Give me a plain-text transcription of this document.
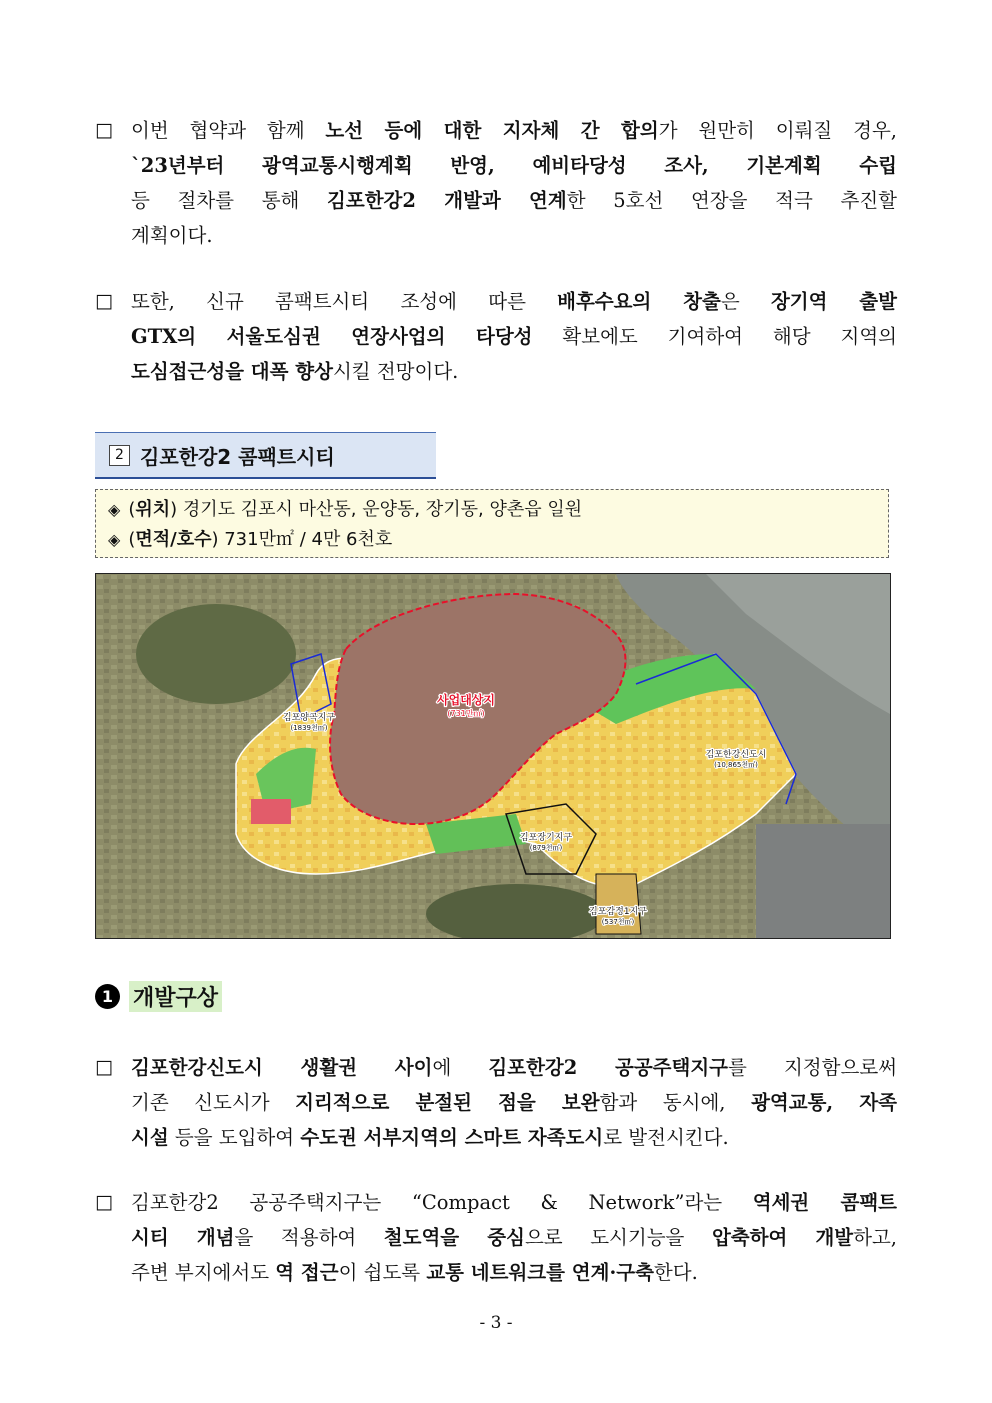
□ 이번 협약과 함께 노선 등에 대한 지자체 간 합의가 원만히 이뤄질 경우,
`23년부터 광역교통시행계획 반영, 예비타당성 조사, 기본계획 수립
등 절차를 통해 김포한강2 개발과 연계한 5호선 연장을 적극 추진할
계획이다.
□ 또한, 신규 콤팩트시티 조성에 따른 배후수요의 창출은 장기역 출발
GTX의 서울도심권 연장사업의 타당성 확보에도 기여하여 해당 지역의
도심접근성을 대폭 향상시킬 전망이다.
2 김포한강2 콤팩트시티
◈ (위치) 경기도 김포시 마산동, 운양동, 장기동, 양촌읍 일원
◈ (면적/호수) 731만㎡ / 4만 6천호
사업대상지
(731만㎡)
김포양곡지구
(1839천㎡)
김포한강신도시
(10,865천㎡)
김포장기지구
(879천㎡)
김포감정1지구
(537천㎡)
1 개발구상
□ 김포한강신도시 생활권 사이에 김포한강2 공공주택지구를 지정함으로써
기존 신도시가 지리적으로 분절된 점을 보완함과 동시에, 광역교통, 자족
시설 등을 도입하여 수도권 서부지역의 스마트 자족도시로 발전시킨다.
□ 김포한강2 공공주택지구는 “Compact & Network”라는 역세권 콤팩트
시티 개념을 적용하여 철도역을 중심으로 도시기능을 압축하여 개발하고,
주변 부지에서도 역 접근이 쉽도록 교통 네트워크를 연계·구축한다.
- 3 -
